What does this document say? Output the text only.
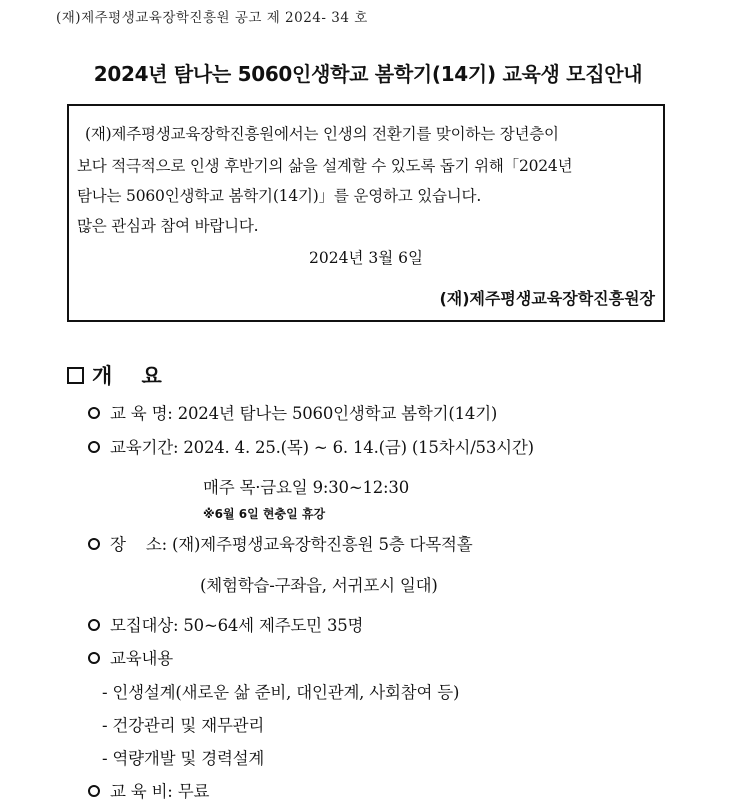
(재)제주평생교육장학진흥원 공고 제 2024- 34 호
2024년 탐나는 5060인생학교 봄학기(14기) 교육생 모집안내
(재)제주평생교육장학진흥원에서는 인생의 전환기를 맞이하는 장년층이
보다 적극적으로 인생 후반기의 삶을 설계할 수 있도록 돕기 위해「2024년
탐나는 5060인생학교 봄학기(14기)」를 운영하고 있습니다.
많은 관심과 참여 바랍니다.
2024년 3월 6일
(재)제주평생교육장학진흥원장
개    요
교 육 명: 2024년 탐나는 5060인생학교 봄학기(14기)
교육기간: 2024. 4. 25.(목) ~ 6. 14.(금) (15차시/53시간)
매주 목·금요일 9:30~12:30
※6월 6일 현충일 휴강
장    소: (재)제주평생교육장학진흥원 5층 다목적홀
(체험학습-구좌읍, 서귀포시 일대)
모집대상: 50~64세 제주도민 35명
교육내용
- 인생설계(새로운 삶 준비, 대인관계, 사회참여 등)
- 건강관리 및 재무관리
- 역량개발 및 경력설계
교 육 비: 무료
